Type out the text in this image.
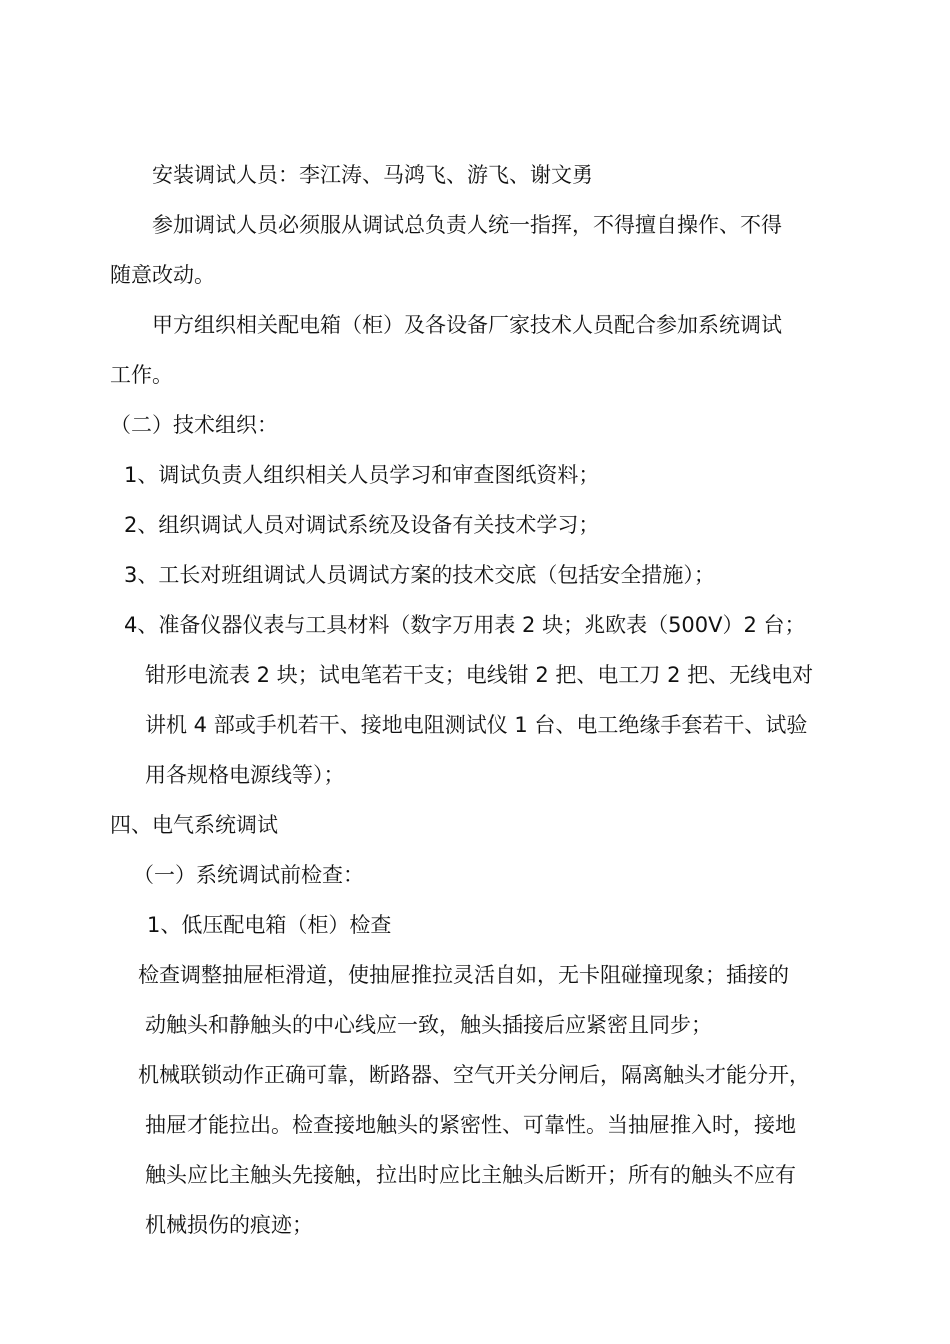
安装调试人员：李江涛、马鸿飞、游飞、谢文勇

参加调试人员必须服从调试总负责人统一指挥，不得擅自操作、不得

随意改动。

甲方组织相关配电箱（柜）及各设备厂家技术人员配合参加系统调试

工作。

（二）技术组织：

1、调试负责人组织相关人员学习和审查图纸资料；

2、组织调试人员对调试系统及设备有关技术学习；

3、工长对班组调试人员调试方案的技术交底（包括安全措施）；

4、准备仪器仪表与工具材料（数字万用表 2 块；兆欧表（500V）2 台；

钳形电流表 2 块；试电笔若干支；电线钳 2 把、电工刀 2 把、无线电对

讲机 4 部或手机若干、接地电阻测试仪 1 台、电工绝缘手套若干、试验

用各规格电源线等）；

四、电气系统调试

（一）系统调试前检查：

1、低压配电箱（柜）检查

检查调整抽屉柜滑道，使抽屉推拉灵活自如，无卡阻碰撞现象；插接的

动触头和静触头的中心线应一致，触头插接后应紧密且同步；

机械联锁动作正确可靠，断路器、空气开关分闸后，隔离触头才能分开，

抽屉才能拉出。检查接地触头的紧密性、可靠性。当抽屉推入时，接地

触头应比主触头先接触，拉出时应比主触头后断开；所有的触头不应有

机械损伤的痕迹；
